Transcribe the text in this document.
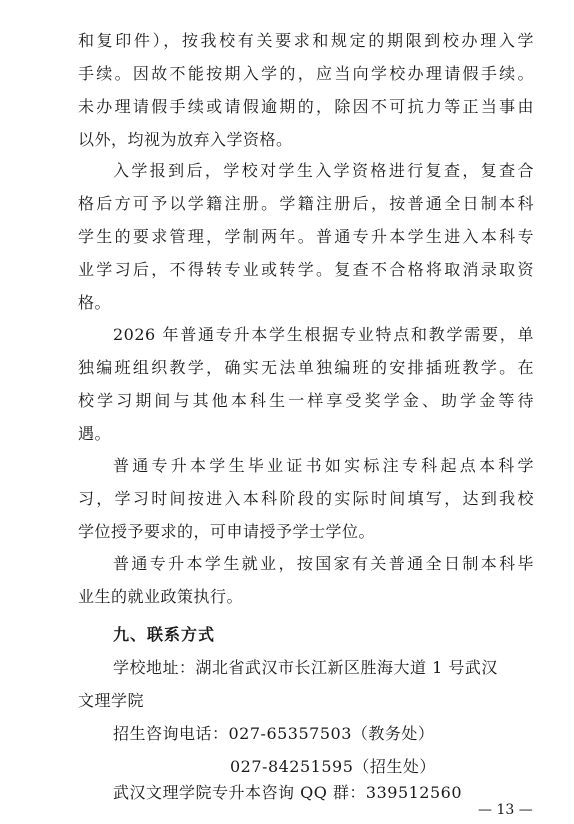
和复印件），按我校有关要求和规定的期限到校办理入学
手续。因故不能按期入学的，应当向学校办理请假手续。
未办理请假手续或请假逾期的，除因不可抗力等正当事由
以外，均视为放弃入学资格。
入学报到后，学校对学生入学资格进行复查，复查合
格后方可予以学籍注册。学籍注册后，按普通全日制本科
学生的要求管理，学制两年。普通专升本学生进入本科专
业学习后，不得转专业或转学。复查不合格将取消录取资
格。
2026 年普通专升本学生根据专业特点和教学需要，单
独编班组织教学，确实无法单独编班的安排插班教学。在
校学习期间与其他本科生一样享受奖学金、助学金等待
遇。
普通专升本学生毕业证书如实标注专科起点本科学
习，学习时间按进入本科阶段的实际时间填写，达到我校
学位授予要求的，可申请授予学士学位。
普通专升本学生就业，按国家有关普通全日制本科毕
业生的就业政策执行。
九、联系方式
学校地址：湖北省武汉市长江新区胜海大道 1 号武汉
文理学院
招生咨询电话：027-65357503（教务处）
027-84251595（招生处）
武汉文理学院专升本咨询 QQ 群：339512560
— 13 —
